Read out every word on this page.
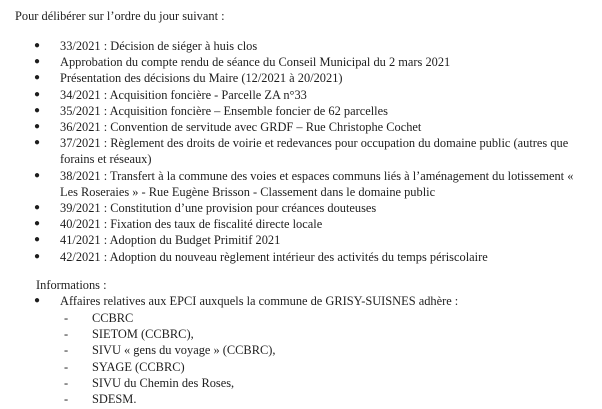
Pour délibérer sur l’ordre du jour suivant :
● 33/2021 : Décision de siéger à huis clos
● Approbation du compte rendu de séance du Conseil Municipal du 2 mars 2021
● Présentation des décisions du Maire (12/2021 à 20/2021)
● 34/2021 : Acquisition foncière - Parcelle ZA n°33
● 35/2021 : Acquisition foncière – Ensemble foncier de 62 parcelles
● 36/2021 : Convention de servitude avec GRDF – Rue Christophe Cochet
● 37/2021 : Règlement des droits de voirie et redevances pour occupation du domaine public (autres que forains et réseaux)
● 38/2021 : Transfert à la commune des voies et espaces communs liés à l’aménagement du lotissement « Les Roseraies » - Rue Eugène Brisson - Classement dans le domaine public
● 39/2021 : Constitution d’une provision pour créances douteuses
● 40/2021 : Fixation des taux de fiscalité directe locale
● 41/2021 : Adoption du Budget Primitif 2021
● 42/2021 : Adoption du nouveau règlement intérieur des activités du temps périscolaire
Informations :
● Affaires relatives aux EPCI auxquels la commune de GRISY-SUISNES adhère :
- CCBRC
- SIETOM (CCBRC),
- SIVU « gens du voyage » (CCBRC),
- SYAGE (CCBRC)
- SIVU du Chemin des Roses,
- SDESM.
